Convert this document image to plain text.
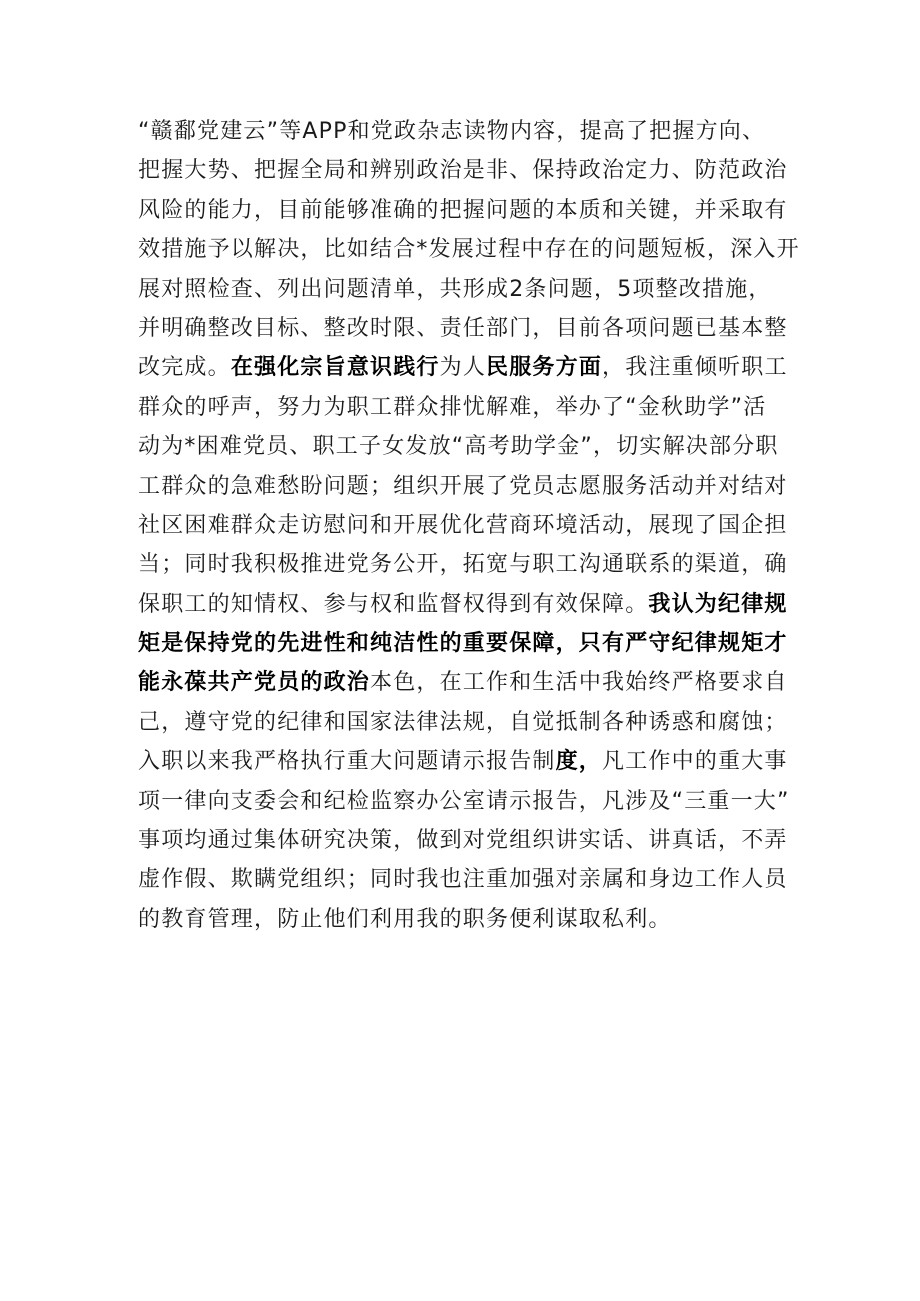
“赣鄱党建云”等APP和党政杂志读物内容，提高了把握方向、
把握大势、把握全局和辨别政治是非、保持政治定力、防范政治
风险的能力，目前能够准确的把握问题的本质和关键，并采取有
效措施予以解决，比如结合*发展过程中存在的问题短板，深入开
展对照检查、列出问题清单，共形成2条问题，5项整改措施，
并明确整改目标、整改时限、责任部门，目前各项问题已基本整
改完成。在强化宗旨意识践行为人民服务方面，我注重倾听职工
群众的呼声，努力为职工群众排忧解难，举办了“金秋助学”活
动为*困难党员、职工子女发放“高考助学金”，切实解决部分职
工群众的急难愁盼问题；组织开展了党员志愿服务活动并对结对
社区困难群众走访慰问和开展优化营商环境活动，展现了国企担
当；同时我积极推进党务公开，拓宽与职工沟通联系的渠道，确
保职工的知情权、参与权和监督权得到有效保障。我认为纪律规
矩是保持党的先进性和纯洁性的重要保障，只有严守纪律规矩才
能永葆共产党员的政治本色，在工作和生活中我始终严格要求自
己，遵守党的纪律和国家法律法规，自觉抵制各种诱惑和腐蚀；
入职以来我严格执行重大问题请示报告制度，凡工作中的重大事
项一律向支委会和纪检监察办公室请示报告，凡涉及“三重一大”
事项均通过集体研究决策，做到对党组织讲实话、讲真话，不弄
虚作假、欺瞒党组织；同时我也注重加强对亲属和身边工作人员
的教育管理，防止他们利用我的职务便利谋取私利。
